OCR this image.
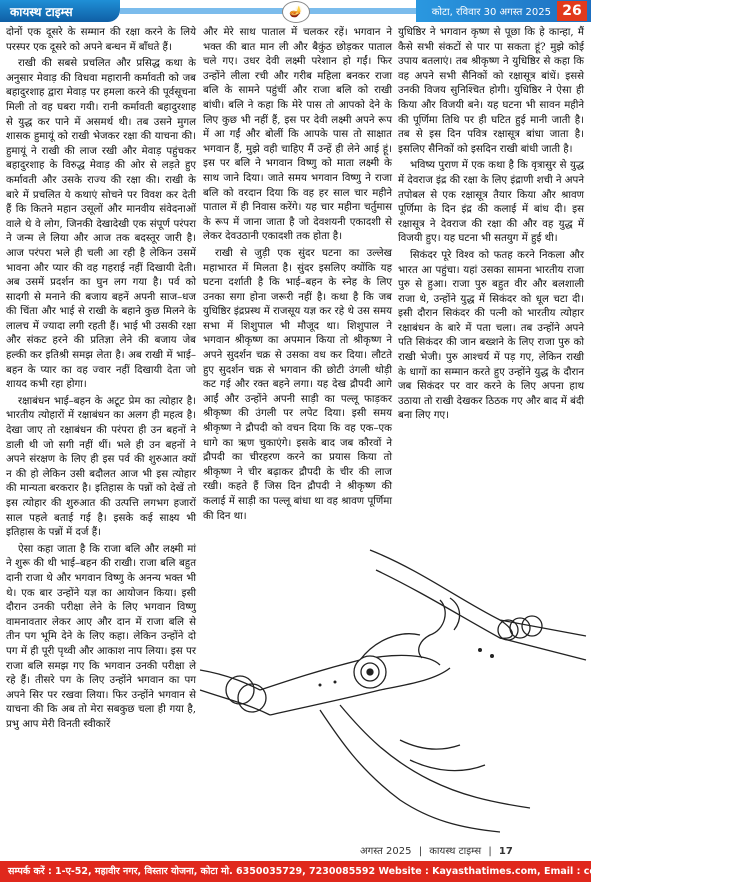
कायस्थ टाइम्स	🪔	कोटा, रविवार 30 अगस्त 2025 26

दोनों एक दूसरे के सम्मान की रक्षा करने के लिये परस्पर एक दूसरे को अपने बन्धन में बाँधते हैं।

राखी की सबसे प्रचलित और प्रसिद्ध कथा के अनुसार मेवाड़ की विधवा महारानी कर्मावती को जब बहादुरशाह द्वारा मेवाड़ पर हमला करने की पूर्वसूचना मिली तो वह घबरा गयी। रानी कर्मावती बहादुरशाह से युद्ध कर पाने में असमर्थ थी। तब उसने मुगल शासक हुमायूं को राखी भेजकर रक्षा की याचना की। हुमायूं ने राखी की लाज रखी और मेवाड़ पहुंचकर बहादुरशाह के विरुद्ध मेवाड़ की ओर से लड़ते हुए कर्मावती और उसके राज्य की रक्षा की। राखी के बारे में प्रचलित ये कथाएं सोचने पर विवश कर देती हैं कि कितने महान उसूलों और मानवीय संवेदनाओं वाले थे वे लोग, जिनकी देखादेखी एक संपूर्ण परंपरा ने जन्म ले लिया और आज तक बदस्तूर जारी है। आज परंपरा भले ही चली आ रही है लेकिन उसमें भावना और प्यार की वह गहराई नहीं दिखायी देती। अब उसमें प्रदर्शन का घुन लग गया है। पर्व को सादगी से मनाने की बजाय बहनें अपनी साज–धज की चिंता और भाई से राखी के बहाने कुछ मिलने के लालच में ज्यादा लगी रहती हैं। भाई भी उसकी रक्षा और संकट हरने की प्रतिज्ञा लेने की बजाय जेब हल्की कर इतिश्री समझ लेता है। अब राखी में भाई–बहन के प्यार का वह ज्वार नहीं दिखायी देता जो शायद कभी रहा होगा।

रक्षाबंधन भाई–बहन के अटूट प्रेम का त्योहार है। भारतीय त्योहारों में रक्षाबंधन का अलग ही महत्व है। देखा जाए तो रक्षाबंधन की परंपरा ही उन बहनों ने डाली थी जो सगी नहीं थीं। भले ही उन बहनों ने अपने संरक्षण के लिए ही इस पर्व की शुरुआत क्यों न की हो लेकिन उसी बदौलत आज भी इस त्योहार की मान्यता बरकरार है। इतिहास के पन्नों को देखें तो इस त्योहार की शुरुआत की उत्पत्ति लगभग हजारों साल पहले बताई गई है। इसके कई साक्ष्य भी इतिहास के पन्नों में दर्ज हैं।

ऐसा कहा जाता है कि राजा बलि और लक्ष्मी मां ने शुरू की थी भाई–बहन की राखी। राजा बलि बहुत दानी राजा थे और भगवान विष्णु के अनन्य भक्त भी थे। एक बार उन्होंने यज्ञ का आयोजन किया। इसी दौरान उनकी परीक्षा लेने के लिए भगवान विष्णु वामनावतार लेकर आए और दान में राजा बलि से तीन पग भूमि देने के लिए कहा। लेकिन उन्होंने दो पग में ही पूरी पृथ्वी और आकाश नाप लिया। इस पर राजा बलि समझ गए कि भगवान उनकी परीक्षा ले रहे हैं। तीसरे पग के लिए उन्होंने भगवान का पग अपने सिर पर रखवा लिया। फिर उन्होंने भगवान से याचना की कि अब तो मेरा सबकुछ चला ही गया है, प्रभु आप मेरी विनती स्वीकारें

और मेरे साथ पाताल में चलकर रहें। भगवान ने भक्त की बात मान ली और बैकुंठ छोड़कर पाताल चले गए। उधर देवी लक्ष्मी परेशान हो गईं। फिर उन्होंने लीला रची और गरीब महिला बनकर राजा बलि के सामने पहुंचीं और राजा बलि को राखी बांधी। बलि ने कहा कि मेरे पास तो आपको देने के लिए कुछ भी नहीं हैं, इस पर देवी लक्ष्मी अपने रूप में आ गईं और बोलीं कि आपके पास तो साक्षात भगवान हैं, मुझे वही चाहिए मैं उन्हें ही लेने आई हूं। इस पर बलि ने भगवान विष्णु को माता लक्ष्मी के साथ जाने दिया। जाते समय भगवान विष्णु ने राजा बलि को वरदान दिया कि वह हर साल चार महीने पाताल में ही निवास करेंगे। यह चार महीना चर्तुमास के रूप में जाना जाता है जो देवशयनी एकादशी से लेकर देवउठानी एकादशी तक होता है।

राखी से जुड़ी एक सुंदर घटना का उल्लेख महाभारत में मिलता है। सुंदर इसलिए क्योंकि यह घटना दर्शाती है कि भाई–बहन के स्नेह के लिए उनका सगा होना जरूरी नहीं है। कथा है कि जब युधिष्ठिर इंद्रप्रस्थ में राजसूय यज्ञ कर रहे थे उस समय सभा में शिशुपाल भी मौजूद था। शिशुपाल ने भगवान श्रीकृष्ण का अपमान किया तो श्रीकृष्ण ने अपने सुदर्शन चक्र से उसका वध कर दिया। लौटते हुए सुदर्शन चक्र से भगवान की छोटी उंगली थोड़ी कट गई और रक्त बहने लगा। यह देख द्रौपदी आगे आईं और उन्होंने अपनी साड़ी का पल्लू फाड़कर श्रीकृष्ण की उंगली पर लपेट दिया। इसी समय श्रीकृष्ण ने द्रौपदी को वचन दिया कि वह एक–एक धागे का ऋण चुकाएंगे। इसके बाद जब कौरवों ने द्रौपदी का चीरहरण करने का प्रयास किया तो श्रीकृष्ण ने चीर बढ़ाकर द्रौपदी के चीर की लाज रखी। कहते हैं जिस दिन द्रौपदी ने श्रीकृष्ण की कलाई में साड़ी का पल्लू बांधा था वह श्रावण पूर्णिमा की दिन था।

युधिष्ठिर ने भगवान कृष्ण से पूछा कि हे कान्हा, मैं कैसे सभी संकटों से पार पा सकता हूं? मुझे कोई उपाय बतलाएं। तब श्रीकृष्ण ने युधिष्ठिर से कहा कि वह अपने सभी सैनिकों को रक्षासूत्र बांधें। इससे उनकी विजय सुनिश्चित होगी। युधिष्ठिर ने ऐसा ही किया और विजयी बने। यह घटना भी सावन महीने की पूर्णिमा तिथि पर ही घटित हुई मानी जाती है। तब से इस दिन पवित्र रक्षासूत्र बांधा जाता है। इसलिए सैनिकों को इसदिन राखी बांधी जाती है।

भविष्य पुराण में एक कथा है कि वृत्रासुर से युद्ध में देवराज इंद्र की रक्षा के लिए इंद्राणी शची ने अपने तपोबल से एक रक्षासूत्र तैयार किया और श्रावण पूर्णिमा के दिन इंद्र की कलाई में बांध दी। इस रक्षासूत्र ने देवराज की रक्षा की और वह युद्ध में विजयी हुए। यह घटना भी सतयुग में हुई थी।

सिकंदर पूरे विश्व को फतह करने निकला और भारत आ पहुंचा। यहां उसका सामना भारतीय राजा पुरु से हुआ। राजा पुरु बहुत वीर और बलशाली राजा थे, उन्होंने युद्ध में सिकंदर को धूल चटा दी। इसी दौरान सिकंदर की पत्नी को भारतीय त्योहार रक्षाबंधन के बारे में पता चला। तब उन्होंने अपने पति सिकंदर की जान बख्शने के लिए राजा पुरु को राखी भेजी। पुरु आश्चर्य में पड़ गए, लेकिन राखी के धागों का सम्मान करते हुए उन्होंने युद्ध के दौरान जब सिकंदर पर वार करने के लिए अपना हाथ उठाया तो राखी देखकर ठिठक गए और बाद में बंदी बना लिए गए।

अगस्त 2025 | कायस्थ टाइम्स | 17
सम्पर्क करें : 1-ए-52, महावीर नगर, विस्तार योजना, कोटा मो. 6350035729, 7230085592 Website : Kayasthatimes.com, Email : contact@kayasthatimes.com
